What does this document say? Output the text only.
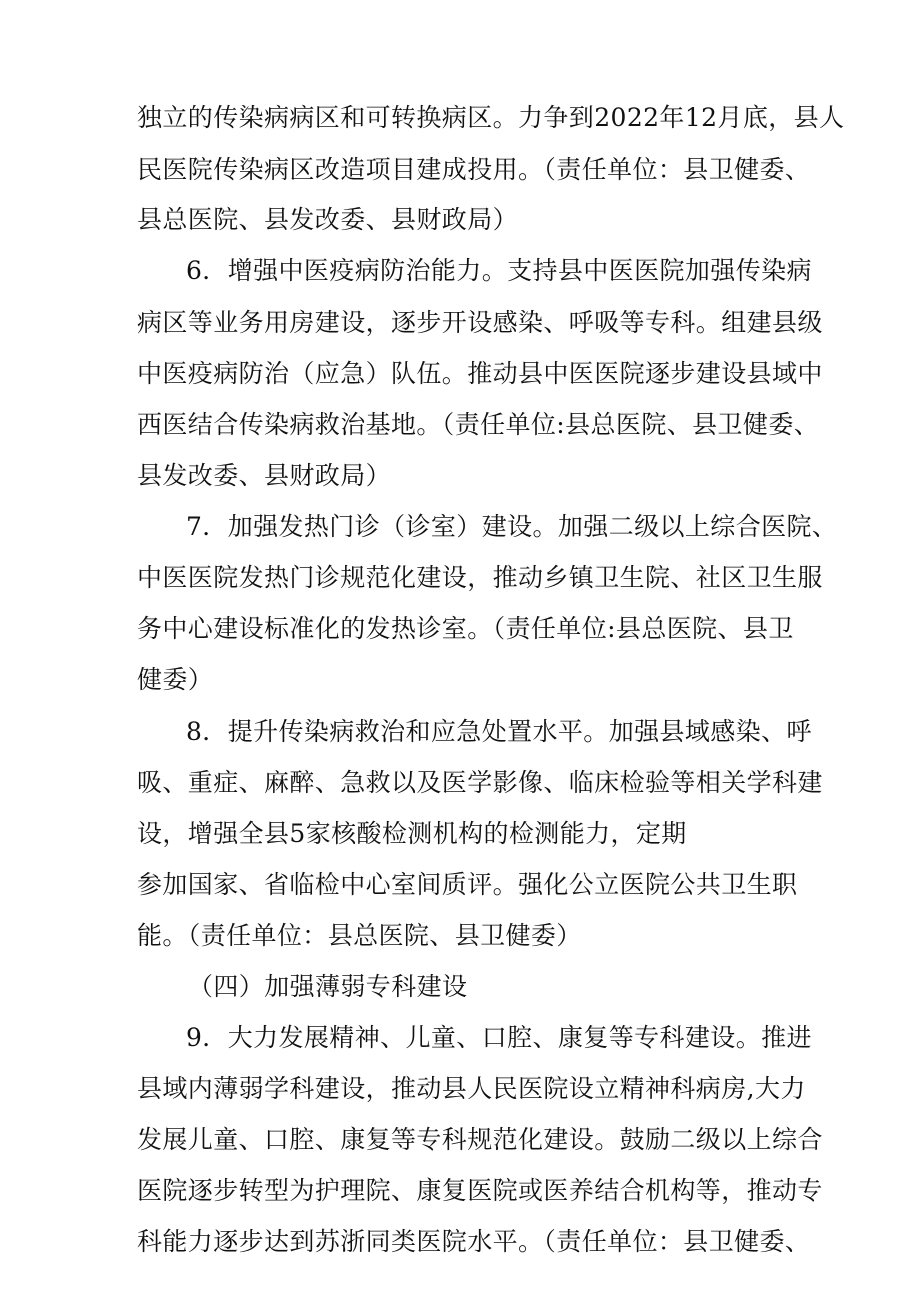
独立的传染病病区和可转换病区。力争到2022年12月底，县人
民医院传染病区改造项目建成投用。（责任单位：县卫健委、
县总医院、县发改委、县财政局）
6．增强中医疫病防治能力。支持县中医医院加强传染病
病区等业务用房建设，逐步开设感染、呼吸等专科。组建县级
中医疫病防治（应急）队伍。推动县中医医院逐步建设县域中
西医结合传染病救治基地。（责任单位:县总医院、县卫健委、
县发改委、县财政局）
7．加强发热门诊（诊室）建设。加强二级以上综合医院、
中医医院发热门诊规范化建设，推动乡镇卫生院、社区卫生服
务中心建设标准化的发热诊室。（责任单位:县总医院、县卫
健委）
8．提升传染病救治和应急处置水平。加强县域感染、呼
吸、重症、麻醉、急救以及医学影像、临床检验等相关学科建
设，增强全县5家核酸检测机构的检测能力，定期
参加国家、省临检中心室间质评。强化公立医院公共卫生职
能。（责任单位：县总医院、县卫健委）
（四）加强薄弱专科建设
9．大力发展精神、儿童、口腔、康复等专科建设。推进
县域内薄弱学科建设，推动县人民医院设立精神科病房,大力
发展儿童、口腔、康复等专科规范化建设。鼓励二级以上综合
医院逐步转型为护理院、康复医院或医养结合机构等，推动专
科能力逐步达到苏浙同类医院水平。（责任单位：县卫健委、
